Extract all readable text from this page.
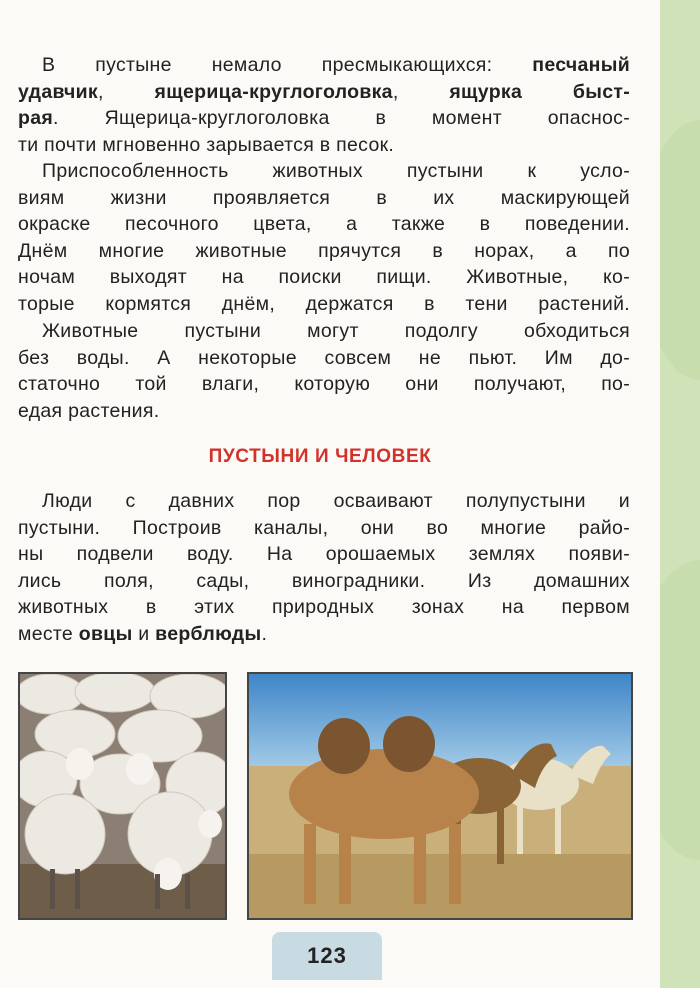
В пустыне немало пресмыкающихся: песчаный
удавчик, ящерица-круглоголовка, ящурка быст-
рая. Ящерица-круглоголовка в момент опаснос-
ти почти мгновенно зарывается в песок.
Приспособленность животных пустыни к усло-
виям жизни проявляется в их маскирующей
окраске песочного цвета, а также в поведении.
Днём многие животные прячутся в норах, а по
ночам выходят на поиски пищи. Животные, ко-
торые кормятся днём, держатся в тени растений.
Животные пустыни могут подолгу обходиться
без воды. А некоторые совсем не пьют. Им до-
статочно той влаги, которую они получают, по-
едая растения.
ПУСТЫНИ И ЧЕЛОВЕК
Люди с давних пор осваивают полупустыни и
пустыни. Построив каналы, они во многие райо-
ны подвели воду. На орошаемых землях появи-
лись поля, сады, виноградники. Из домашних
животных в этих природных зонах на первом
месте овцы и верблюды.
123
